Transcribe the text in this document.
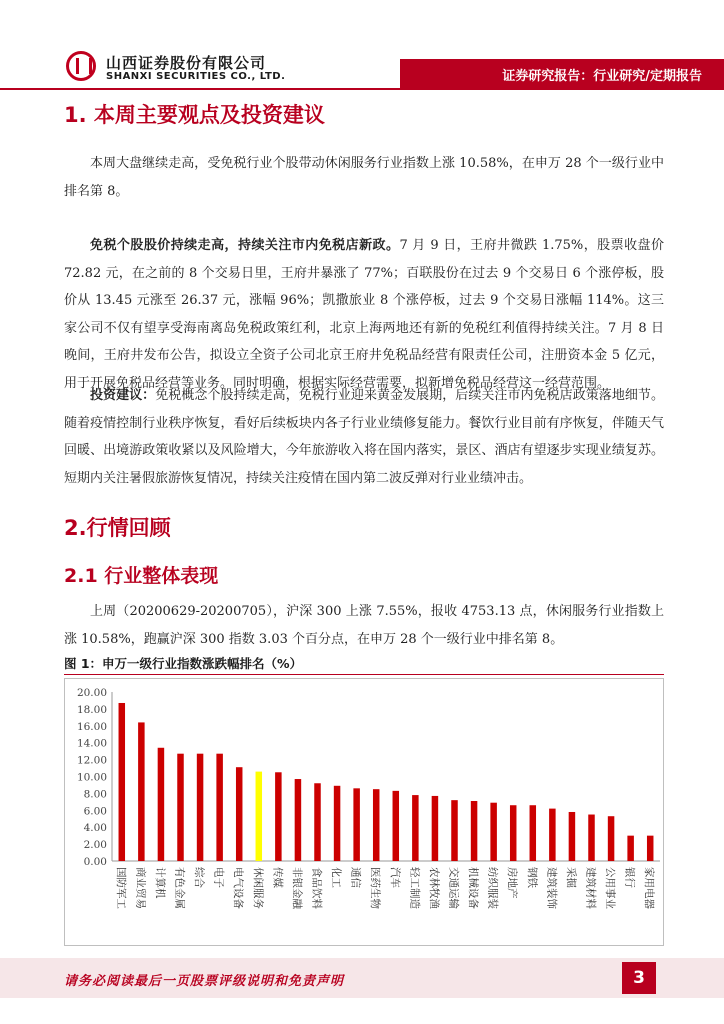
山西证券股份有限公司
SHANXI SECURITIES CO., LTD.	证券研究报告：行业研究/定期报告
1. 本周主要观点及投资建议
本周大盘继续走高，受免税行业个股带动休闲服务行业指数上涨 10.58%，在申万 28 个一级行业中排名第 8。
免税个股股价持续走高，持续关注市内免税店新政。7 月 9 日，王府井微跌 1.75%，股票收盘价 72.82 元，在之前的 8 个交易日里，王府井暴涨了 77%；百联股份在过去 9 个交易日 6 个涨停板，股价从 13.45 元涨至 26.37 元，涨幅 96%；凯撒旅业 8 个涨停板，过去 9 个交易日涨幅 114%。这三家公司不仅有望享受海南离岛免税政策红利，北京上海两地还有新的免税红利值得持续关注。7 月 8 日晚间，王府井发布公告，拟设立全资子公司北京王府井免税品经营有限责任公司，注册资本金 5 亿元，用于开展免税品经营等业务。同时明确，根据实际经营需要，拟新增免税品经营这一经营范围。
投资建议：免税概念个股持续走高，免税行业迎来黄金发展期，后续关注市内免税店政策落地细节。随着疫情控制行业秩序恢复，看好后续板块内各子行业业绩修复能力。餐饮行业目前有序恢复，伴随天气回暖、出境游政策收紧以及风险增大，今年旅游收入将在国内落实，景区、酒店有望逐步实现业绩复苏。短期内关注暑假旅游恢复情况，持续关注疫情在国内第二波反弹对行业业绩冲击。
2.行情回顾
2.1 行业整体表现
上周（20200629-20200705），沪深 300 上涨 7.55%，报收 4753.13 点，休闲服务行业指数上涨 10.58%，跑赢沪深 300 指数 3.03 个百分点，在申万 28 个一级行业中排名第 8。
图 1：申万一级行业指数涨跌幅排名（%）
0.00
2.00
4.00
6.00
8.00
10.00
12.00
14.00
16.00
18.00
20.00
国防军工 商业贸易 计算机 有色金属 综合 电子 电气设备 休闲服务 传媒 非银金融 食品饮料 化工 通信 医药生物 汽车 轻工制造 农林牧渔 交通运输 机械设备 纺织服装 房地产 钢铁 建筑装饰 采掘 建筑材料 公用事业 银行 家用电器
请务必阅读最后一页股票评级说明和免责声明	3
